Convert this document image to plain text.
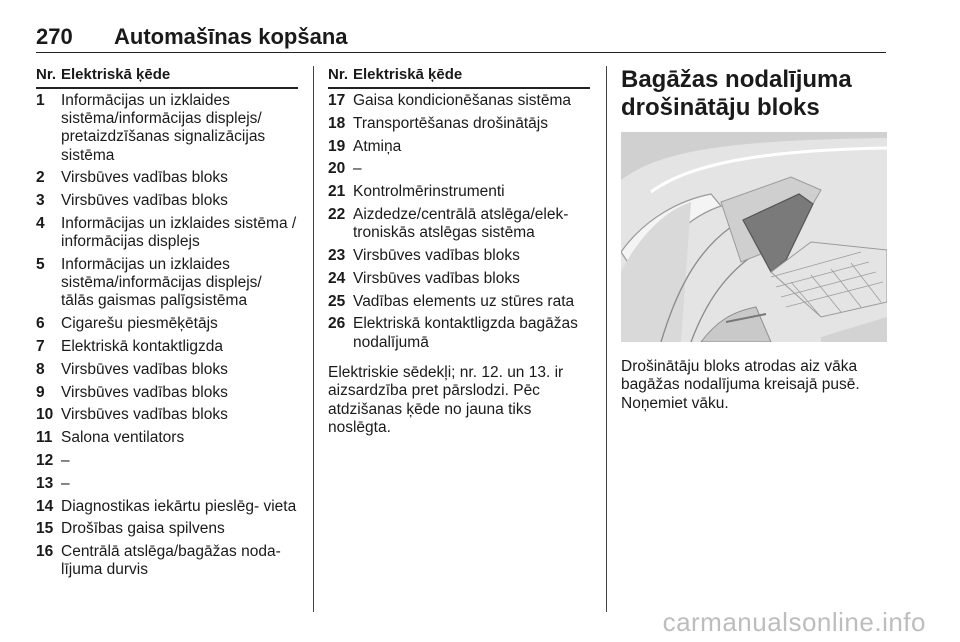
270 Automašīnas kopšana
Nr. Elektriskā ķēde
1	Informācijas un izklaides sistēma/informācijas displejs/ pretaizdzīšanas signalizācijas sistēma
2	Virsbūves vadības bloks
3	Virsbūves vadības bloks
4	Informācijas un izklaides sistēma / informācijas displejs
5	Informācijas un izklaides sistēma/informācijas displejs/ tālās gaismas palīgsistēma
6	Cigarešu piesmēķētājs
7	Elektriskā kontaktligzda
8	Virsbūves vadības bloks
9	Virsbūves vadības bloks
10 Virsbūves vadības bloks
11 Salona ventilators
12 –
13 –
14 Diagnostikas iekārtu pieslēg- vieta
15 Drošības gaisa spilvens
16 Centrālā atslēga/bagāžas noda- lījuma durvis
Nr. Elektriskā ķēde
17 Gaisa kondicionēšanas sistēma
18 Transportēšanas drošinātājs
19 Atmiņa
20 –
21 Kontrolmērinstrumenti
22 Aizdedze/centrālā atslēga/elek- troniskās atslēgas sistēma
23 Virsbūves vadības bloks
24 Virsbūves vadības bloks
25 Vadības elements uz stūres rata
26 Elektriskā kontaktligzda bagāžas nodalījumā

Elektriskie sēdekļi; nr. 12. un 13. ir aizsardzība pret pārslodzi. Pēc atdzišanas ķēde no jauna tiks noslēgta.

Bagāžas nodalījuma drošinātāju bloks

Drošinātāju bloks atrodas aiz vāka bagāžas nodalījuma kreisajā pusē. Noņemiet vāku.

carmanualsonline.info
